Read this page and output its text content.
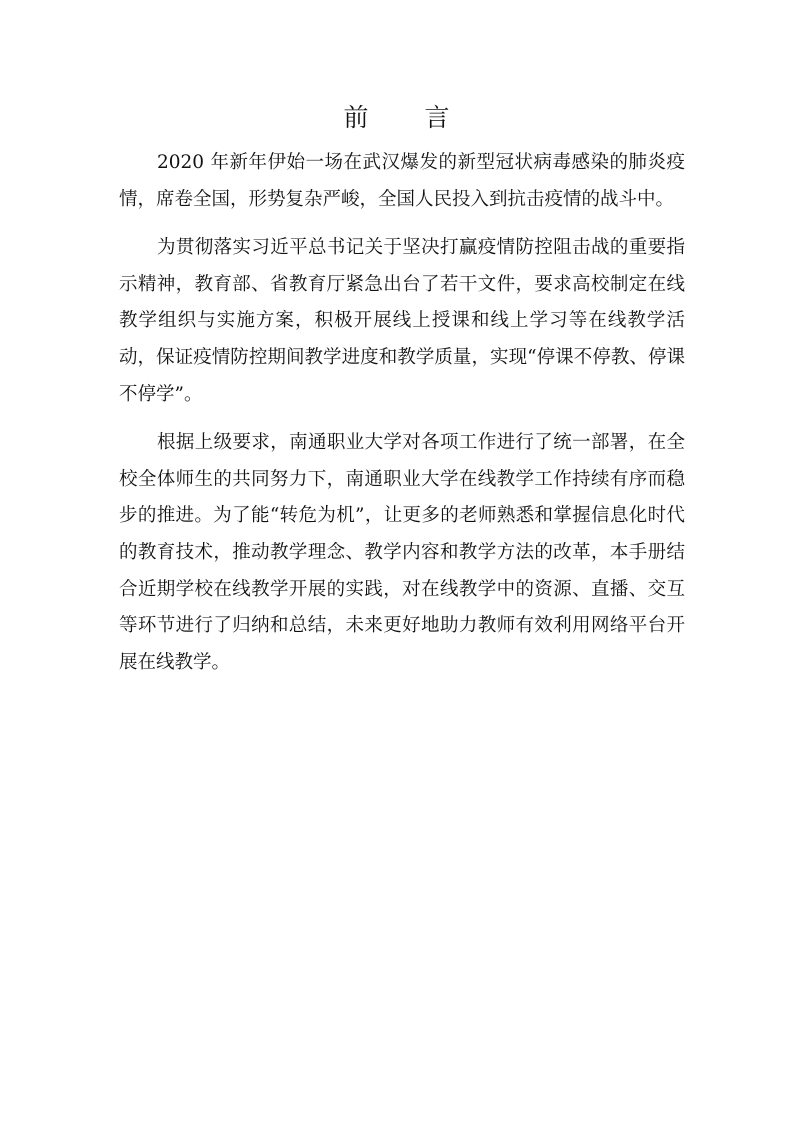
前 言

2020 年新年伊始一场在武汉爆发的新型冠状病毒感染的肺炎疫情，席卷全国，形势复杂严峻，全国人民投入到抗击疫情的战斗中。

为贯彻落实习近平总书记关于坚决打赢疫情防控阻击战的重要指示精神，教育部、省教育厅紧急出台了若干文件，要求高校制定在线教学组织与实施方案，积极开展线上授课和线上学习等在线教学活动，保证疫情防控期间教学进度和教学质量，实现“停课不停教、停课不停学”。

根据上级要求，南通职业大学对各项工作进行了统一部署，在全校全体师生的共同努力下，南通职业大学在线教学工作持续有序而稳步的推进。为了能“转危为机”，让更多的老师熟悉和掌握信息化时代的教育技术，推动教学理念、教学内容和教学方法的改革，本手册结合近期学校在线教学开展的实践，对在线教学中的资源、直播、交互等环节进行了归纳和总结，未来更好地助力教师有效利用网络平台开展在线教学。
